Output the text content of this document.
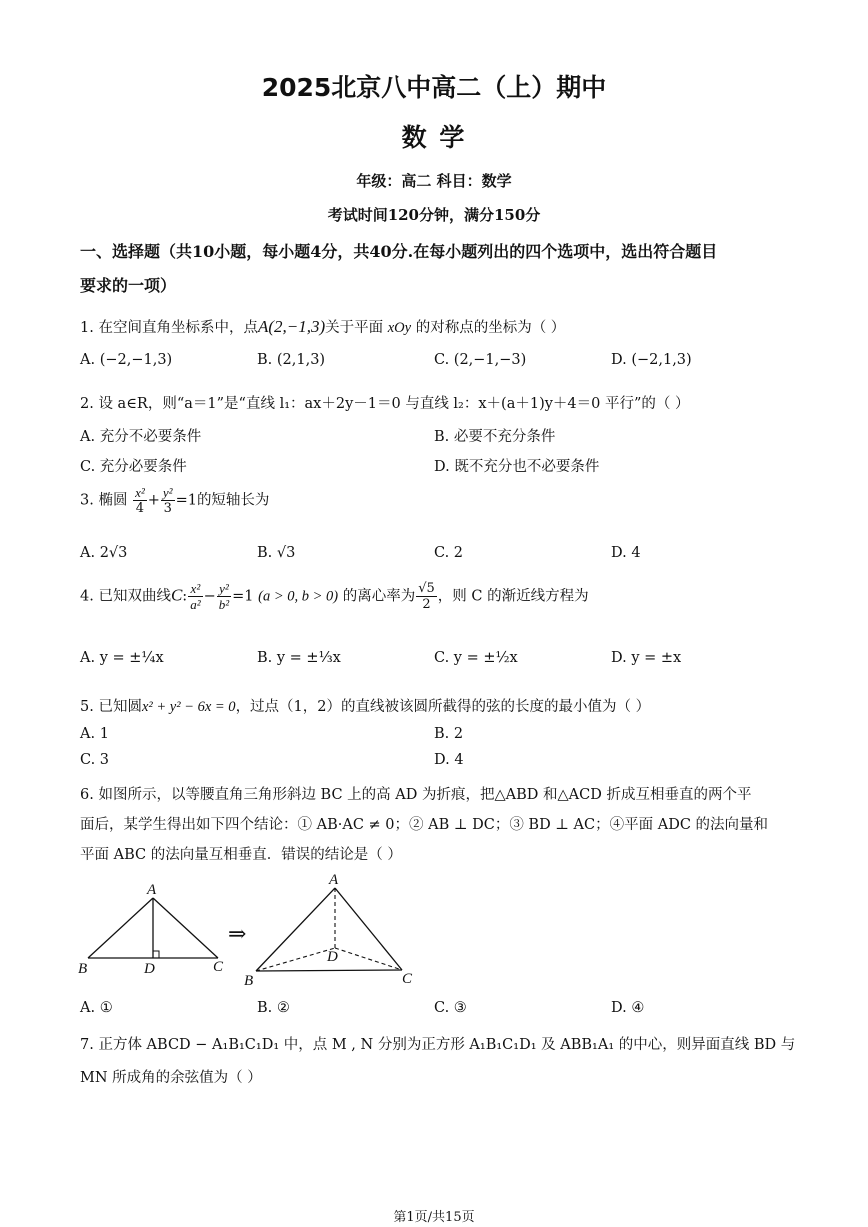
2025北京八中高二（上）期中
数 学
年级：高二 科目：数学
考试时间120分钟，满分150分
一、选择题（共10小题，每小题4分，共40分.在每小题列出的四个选项中，选出符合题目
要求的一项）
1. 在空间直角坐标系中，点A(2,−1,3)关于平面 xOy 的对称点的坐标为（ ）
A. (−2,−1,3)	B. (2,1,3)	C. (2,−1,−3)	D. (−2,1,3)
2. 设 a∈R，则“a＝1”是“直线 l₁：ax＋2y－1＝0 与直线 l₂：x＋(a＋1)y＋4＝0 平行”的（ ）
A. 充分不必要条件	B. 必要不充分条件
C. 充分必要条件	D. 既不充分也不必要条件
3. 椭圆 $\frac{\text{x²}}{4} + \frac{\text{y²}}{3} =1$的短轴长为
A. 2√3	B. √3	C. 2	D. 4
4. 已知双曲线C: $\frac{\text{x²}}{\text{a²}} - \frac{\text{y²}}{\text{b²}} =1$ (a > 0, b > 0) 的离心率为 $\frac{√5}{2}$ ，则 C 的渐近线方程为
A. y = ±¼x	B. y = ±⅓x	C. y = ±½x	D. y = ±x
5. 已知圆x² + y² − 6x = 0，过点（1，2）的直线被该圆所截得的弦的长度的最小值为（ ）
A. 1	B. 2
C. 3	D. 4
6. 如图所示，以等腰直角三角形斜边 BC 上的高 AD 为折痕，把△ABD 和△ACD 折成互相垂直的两个平
面后，某学生得出如下四个结论：① AB·AC ≠ 0；② AB ⊥ DC；③ BD ⊥ AC；④平面 ADC 的法向量和
平面 ABC 的法向量互相垂直．错误的结论是（ ）
A
B	D	C
⇒
A
D
B	C
A. ①	B. ②	C. ③	D. ④
7. 正方体 ABCD − A₁B₁C₁D₁ 中，点 M , N 分别为正方形 A₁B₁C₁D₁ 及 ABB₁A₁ 的中心，则异面直线 BD 与
MN 所成角的余弦值为（ ）
第1页/共15页
